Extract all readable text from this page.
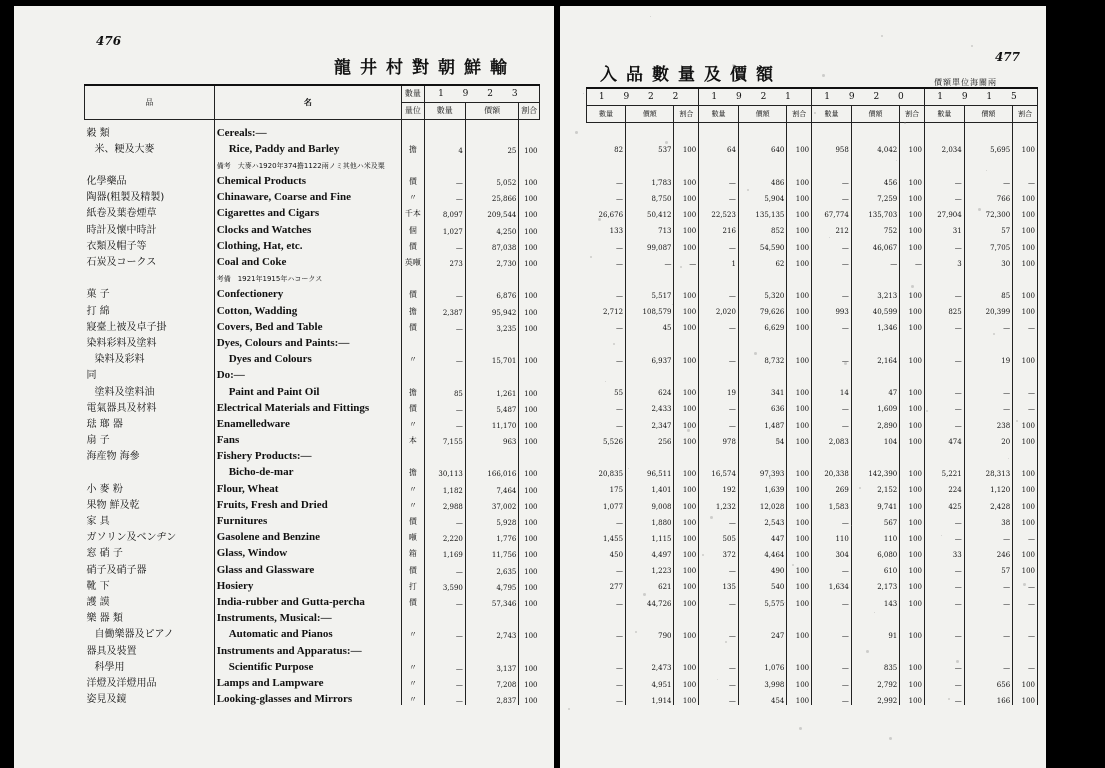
476
龍井村對朝鮮輸
品	名	數量	1 9 2 3		
		量位	數量	價額	割合
穀 類	Cereals:—				
米、粳及大麥	Rice, Paddy and Barley	擔	4	25	100
	備考　大麥ハ1920年374擔1122兩ノミ其他ハ米及粟				
化學藥品	Chemical Products	價	—	5,052	100
陶器(粗製及精製)	Chinaware, Coarse and Fine	〃	—	25,866	100
紙卷及葉卷煙草	Cigarettes and Cigars	千本	8,097	209,544	100
時計及懷中時計	Clocks and Watches	個	1,027	4,250	100
衣類及帽子等	Clothing, Hat, etc.	價	—	87,038	100
石炭及コークス	Coal and Coke	英噸	273	2,730	100
	考備　1921年1915年ハコークス				
菓 子	Confectionery	價	—	6,876	100
打 綿	Cotton, Wadding	擔	2,387	95,942	100
寢臺上被及卓子掛	Covers, Bed and Table	價	—	3,235	100
染料彩料及塗料	Dyes, Colours and Paints:—				
染料及彩料	Dyes and Colours	〃	—	15,701	100
同	Do:—				
塗料及塗料油	Paint and Paint Oil	擔	85	1,261	100
電氣器具及材料	Electrical Materials and Fittings	價	—	5,487	100
琺 瑯 器	Enamelledware	〃	—	11,170	100
扇 子	Fans	本	7,155	963	100
海産物 海參	Fishery Products:—				
	Bicho-de-mar	擔	30,113	166,016	100
小 麥 粉	Flour, Wheat	〃	1,182	7,464	100
果物 鮮及乾	Fruits, Fresh and Dried	〃	2,988	37,002	100
家 具	Furnitures	價	—	5,928	100
ガソリン及ベンヂン	Gasolene and Benzine	噸	2,220	1,776	100
窓 硝 子	Glass, Window	箱	1,169	11,756	100
硝子及硝子器	Glass and Glassware	價	—	2,635	100
靴 下	Hosiery	打	3,590	4,795	100
護 謨	India-rubber and Gutta-percha	價	—	57,346	100
樂 器 類	Instruments, Musical:—				
自働樂器及ピアノ	Automatic and Pianos	〃	—	2,743	100
器具及裝置	Instruments and Apparatus:—				
科學用	Scientific Purpose	〃	—	3,137	100
洋燈及洋燈用品	Lamps and Lampware	〃	—	7,208	100
姿見及鏡	Looking-glasses and Mirrors	〃	—	2,837	100
入品數量及價額
477
價額單位海關兩
1 9 2 2			1 9 2 1			1 9 2 0			1 9 1 5		
數量	價額	割合	數量	價額	割合	數量	價額	割合	數量	價額	割合

82	537	100	64	640	100	958	4,042	100	2,034	5,695	100

—	1,783	100	—	486	100	—	456	100	—	—	—
—	8,750	100	—	5,904	100	—	7,259	100	—	766	100
26,676	50,412	100	22,523	135,135	100	67,774	135,703	100	27,904	72,300	100
133	713	100	216	852	100	212	752	100	31	57	100
—	99,087	100	—	54,590	100	—	46,067	100	—	7,705	100
—	—	—	1	62	100	—	—	—	3	30	100

—	5,517	100	—	5,320	100	—	3,213	100	—	85	100
2,712	108,579	100	2,020	79,626	100	993	40,599	100	825	20,399	100
—	45	100	—	6,629	100	—	1,346	100	—	—	—

—	6,937	100	—	8,732	100	—	2,164	100	—	19	100

55	624	100	19	341	100	14	47	100	—	—	—
—	2,433	100	—	636	100	—	1,609	100	—	—	—
—	2,347	100	—	1,487	100	—	2,890	100	—	238	100
5,526	256	100	978	54	100	2,083	104	100	474	20	100

20,835	96,511	100	16,574	97,393	100	20,338	142,390	100	5,221	28,313	100
175	1,401	100	192	1,639	100	269	2,152	100	224	1,120	100
1,077	9,008	100	1,232	12,028	100	1,583	9,741	100	425	2,428	100
—	1,880	100	—	2,543	100	—	567	100	—	38	100
1,455	1,115	100	505	447	100	110	110	100	—	—	—
450	4,497	100	372	4,464	100	304	6,080	100	33	246	100
—	1,223	100	—	490	100	—	610	100	—	57	100
277	621	100	135	540	100	1,634	2,173	100	—	—	—
—	44,726	100	—	5,575	100	—	143	100	—	—	—

—	790	100	—	247	100	—	91	100	—	—	—

—	2,473	100	—	1,076	100	—	835	100	—	—	—
—	4,951	100	—	3,998	100	—	2,792	100	—	656	100
—	1,914	100	—	454	100	—	2,992	100	—	166	100
